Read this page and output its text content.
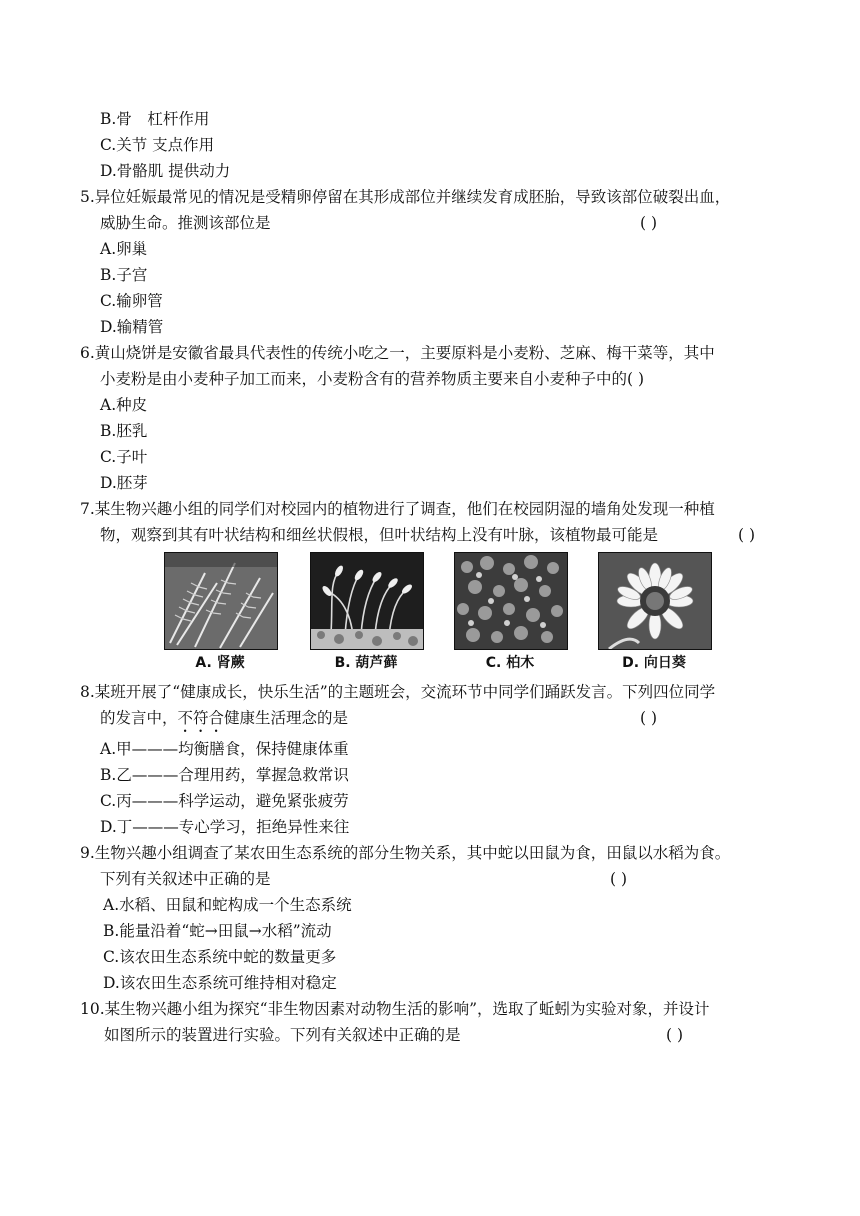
B.骨　杠杆作用
C.关节 支点作用
D.骨骼肌 提供动力
5.异位妊娠最常见的情况是受精卵停留在其形成部位并继续发育成胚胎，导致该部位破裂出血，
威胁生命。推测该部位是	( )
A.卵巢
B.子宫
C.输卵管
D.输精管
6.黄山烧饼是安徽省最具代表性的传统小吃之一，主要原料是小麦粉、芝麻、梅干菜等，其中
小麦粉是由小麦种子加工而来，小麦粉含有的营养物质主要来自小麦种子中的( )
A.种皮
B.胚乳
C.子叶
D.胚芽
7.某生物兴趣小组的同学们对校园内的植物进行了调查，他们在校园阴湿的墙角处发现一种植
物，观察到其有叶状结构和细丝状假根，但叶状结构上没有叶脉，该植物最可能是	( )
A. 肾蕨	B. 葫芦藓	C. 柏木	D. 向日葵
8.某班开展了“健康成长，快乐生活”的主题班会，交流环节中同学们踊跃发言。下列四位同学
的发言中，不符合健康生活理念的是	( )
A.甲———均衡膳食，保持健康体重
B.乙———合理用药，掌握急救常识
C.丙———科学运动，避免紧张疲劳
D.丁———专心学习，拒绝异性来往
9.生物兴趣小组调查了某农田生态系统的部分生物关系，其中蛇以田鼠为食，田鼠以水稻为食。
下列有关叙述中正确的是	( )
A.水稻、田鼠和蛇构成一个生态系统
B.能量沿着“蛇→田鼠→水稻”流动
C.该农田生态系统中蛇的数量更多
D.该农田生态系统可维持相对稳定
10.某生物兴趣小组为探究“非生物因素对动物生活的影响”，选取了蚯蚓为实验对象，并设计
如图所示的装置进行实验。下列有关叙述中正确的是	( )
